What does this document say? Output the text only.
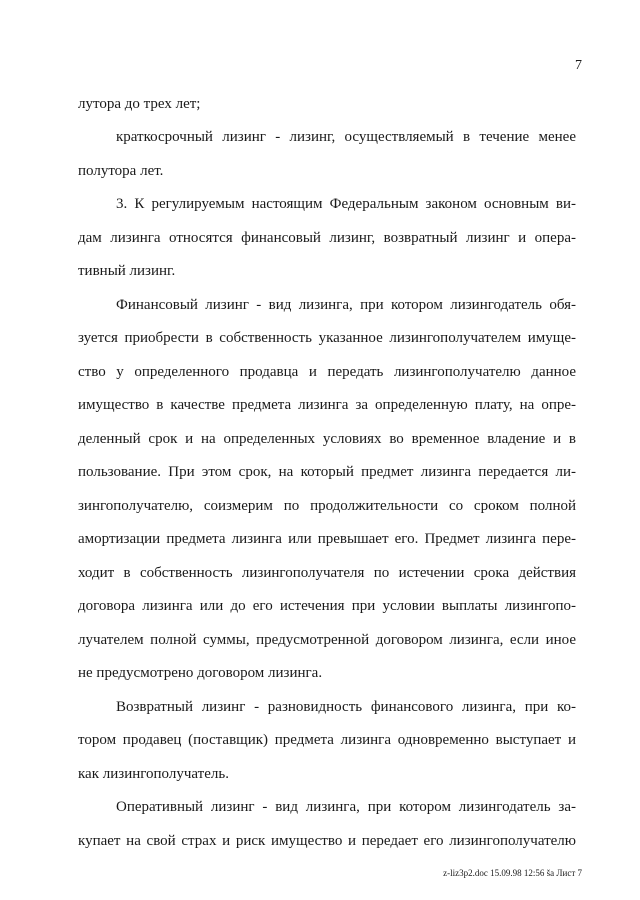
7
лутора до трех лет;
краткосрочный лизинг - лизинг, осуществляемый в течение менее
полутора лет.
3. К регулируемым настоящим Федеральным законом основным ви-
дам лизинга относятся финансовый лизинг, возвратный лизинг и опера-
тивный лизинг.
Финансовый лизинг - вид лизинга, при котором лизингодатель обя-
зуется приобрести в собственность указанное лизингополучателем имуще-
ство у определенного продавца и передать лизингополучателю данное
имущество в качестве предмета лизинга за определенную плату, на опре-
деленный срок и на определенных условиях во временное владение и в
пользование. При этом срок, на который предмет лизинга передается ли-
зингополучателю, соизмерим по продолжительности со сроком полной
амортизации предмета лизинга или превышает его. Предмет лизинга пере-
ходит в собственность лизингополучателя по истечении срока действия
договора лизинга или до его истечения при условии выплаты лизингопо-
лучателем полной суммы, предусмотренной договором лизинга, если иное
не предусмотрено договором лизинга.
Возвратный лизинг - разновидность финансового лизинга, при ко-
тором продавец (поставщик) предмета лизинга одновременно выступает и
как лизингополучатель.
Оперативный лизинг - вид лизинга, при котором лизингодатель за-
купает на свой страх и риск имущество и передает его лизингополучателю
z-liz3p2.doc 15.09.98 12:56 ša Лист 7
